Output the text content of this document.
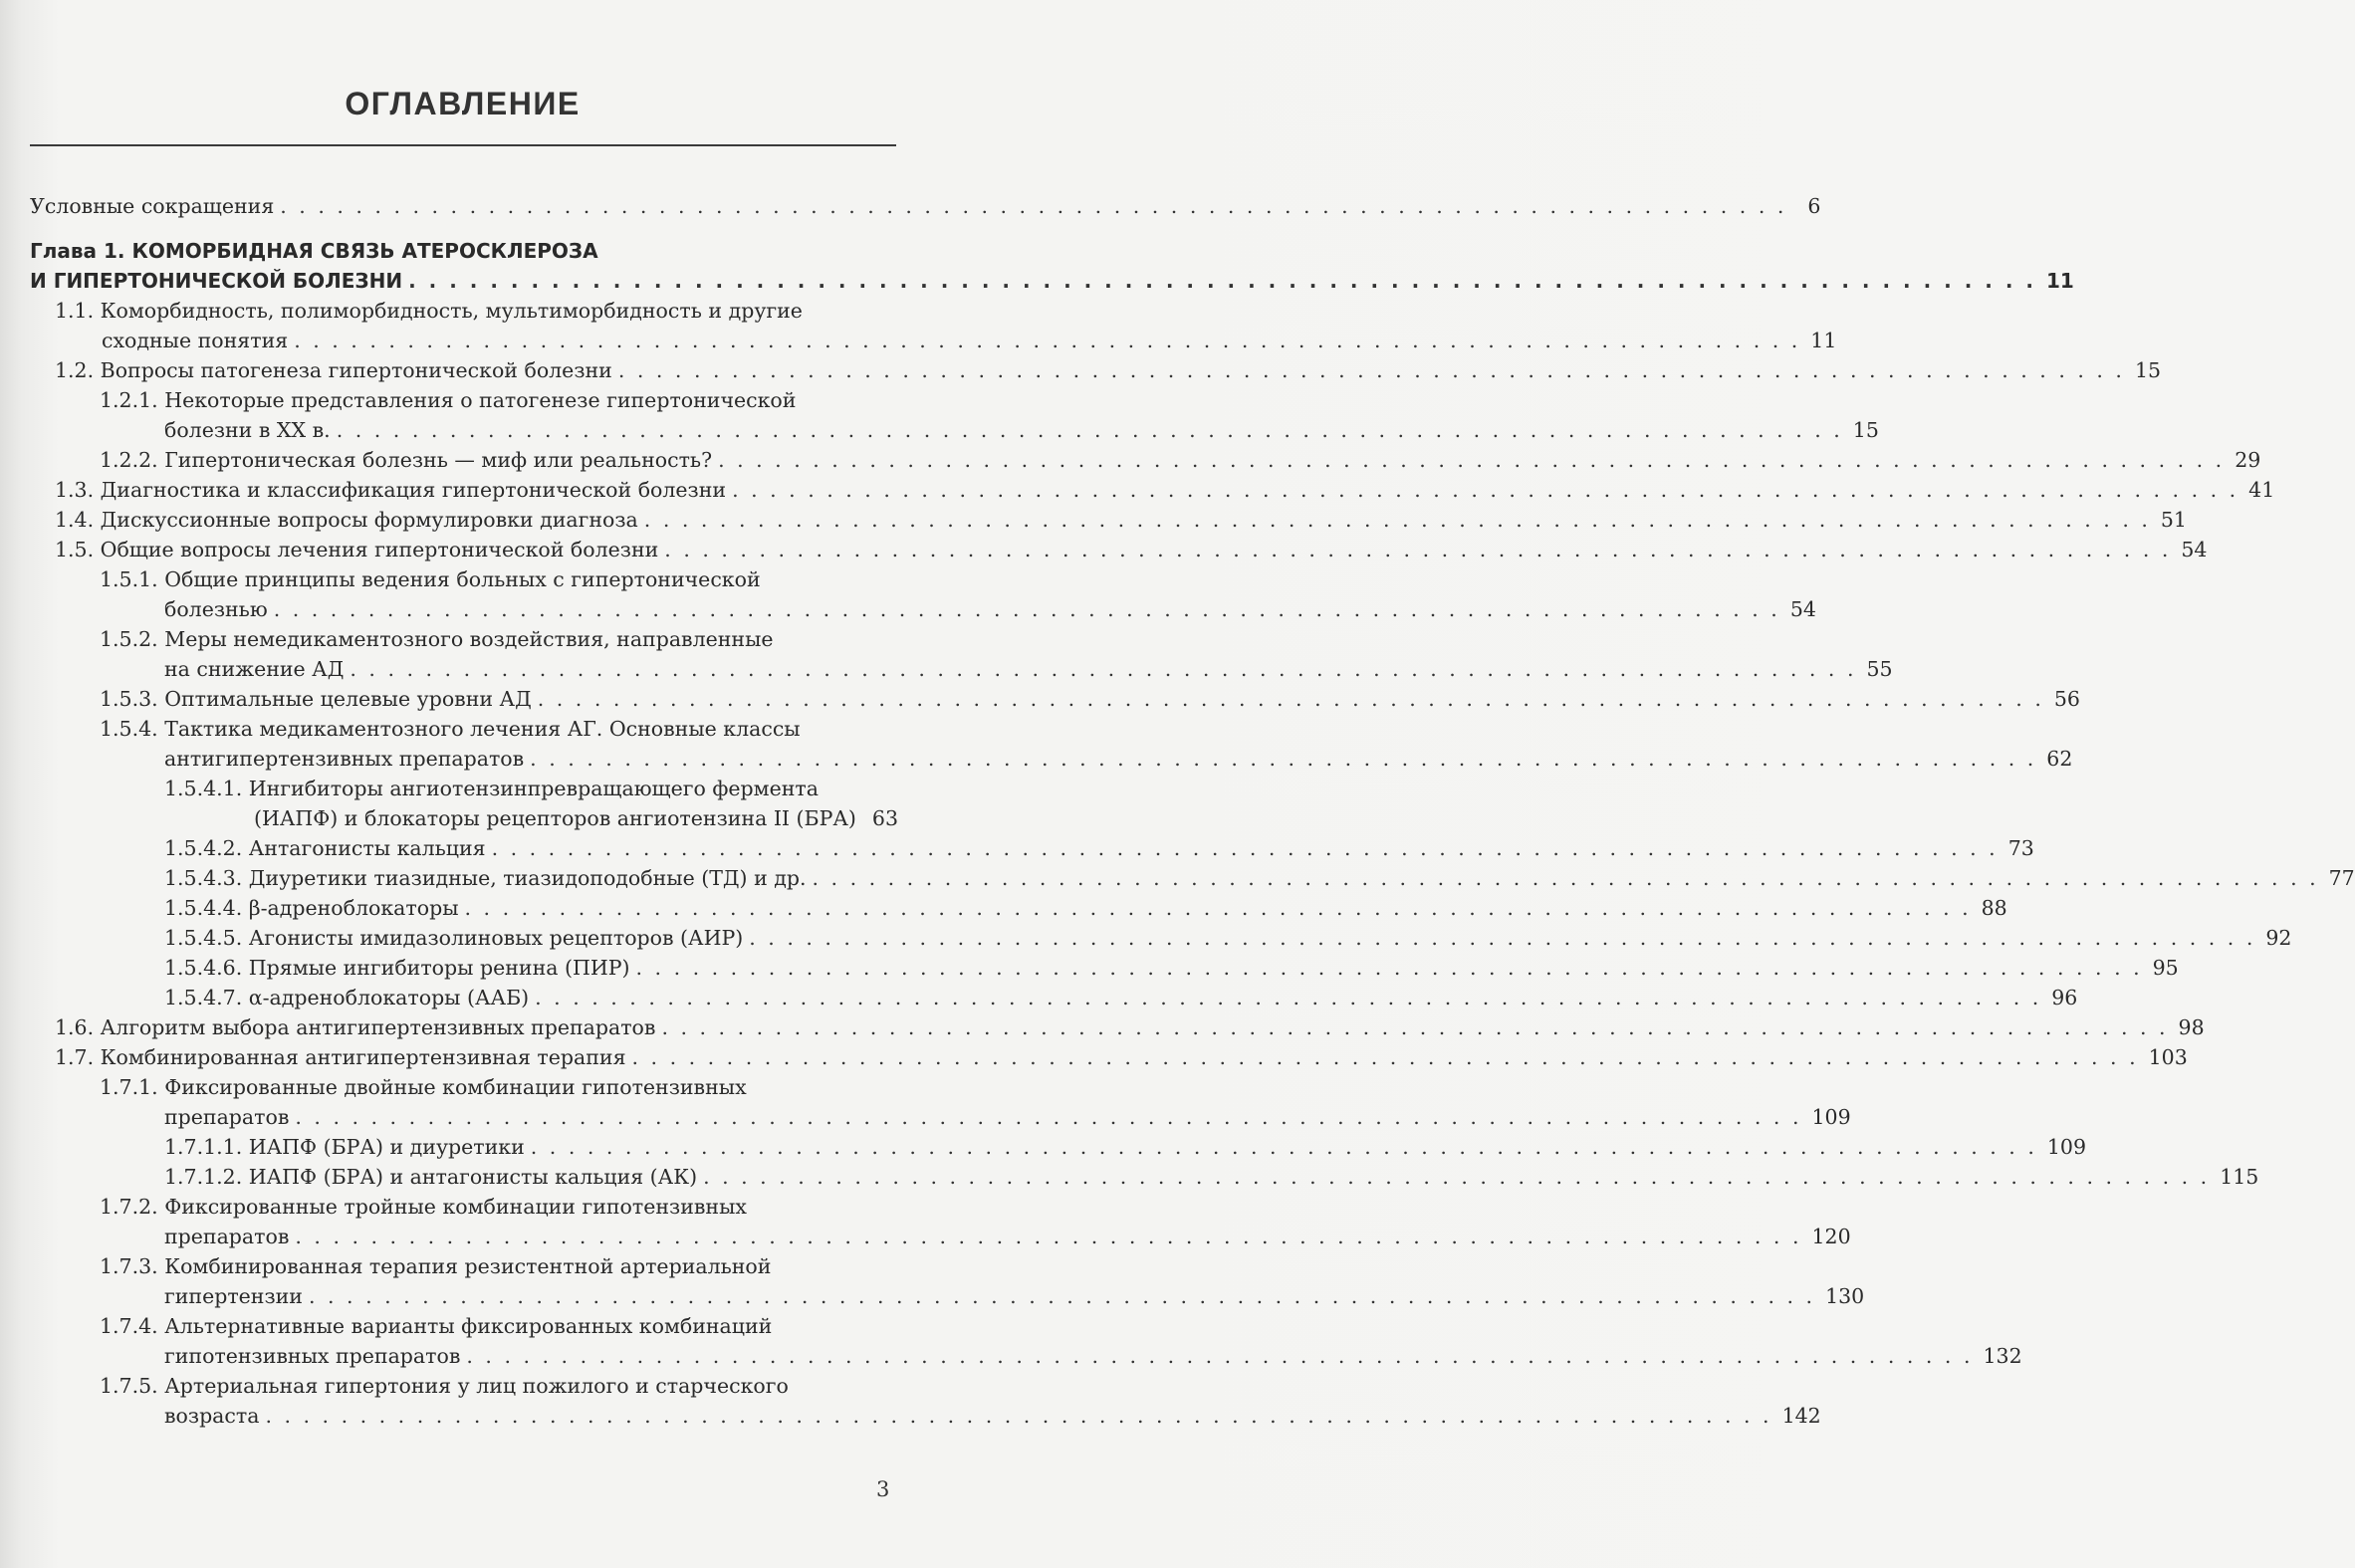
ОГЛАВЛЕНИЕ
Условные сокращения . . . . . . . . . . . . . . . . . . . . . . . . . . . . . . . . . . . . . . . . . . . . . . . . . . . . . . . . . . . . . . . . . . . . . . . . . . . . . . . .	6
Глава 1. КОМОРБИДНАЯ СВЯЗЬ АТЕРОСКЛЕРОЗА
И ГИПЕРТОНИЧЕСКОЙ БОЛЕЗНИ . . . . . . . . . . . . . . . . . . . . . . . . . . . . . . . . . . . . . . . . . . . . . . . . . . . . . . . . . . . . . . . . . . . . . . . . . . . . . . . . 11
1.1. Коморбидность, полиморбидность, мультиморбидность и другие
сходные понятия . . . . . . . . . . . . . . . . . . . . . . . . . . . . . . . . . . . . . . . . . . . . . . . . . . . . . . . . . . . . . . . . . . . . . . . . . . . . . . . . 11
1.2. Вопросы патогенеза гипертонической болезни . . . . . . . . . . . . . . . . . . . . . . . . . . . . . . . . . . . . . . . . . . . . . . . . . . . . . . . . . . . . . . . . . . . . . . . . . . . . . . . . 15
1.2.1. Некоторые представления о патогенезе гипертонической
болезни в XX в. . . . . . . . . . . . . . . . . . . . . . . . . . . . . . . . . . . . . . . . . . . . . . . . . . . . . . . . . . . . . . . . . . . . . . . . . . . . . . . . . 15
1.2.2. Гипертоническая болезнь — миф или реальность? . . . . . . . . . . . . . . . . . . . . . . . . . . . . . . . . . . . . . . . . . . . . . . . . . . . . . . . . . . . . . . . . . . . . . . . . . . . . . . . . 29
1.3. Диагностика и классификация гипертонической болезни . . . . . . . . . . . . . . . . . . . . . . . . . . . . . . . . . . . . . . . . . . . . . . . . . . . . . . . . . . . . . . . . . . . . . . . . . . . . . . . . 41
1.4. Дискуссионные вопросы формулировки диагноза . . . . . . . . . . . . . . . . . . . . . . . . . . . . . . . . . . . . . . . . . . . . . . . . . . . . . . . . . . . . . . . . . . . . . . . . . . . . . . . . 51
1.5. Общие вопросы лечения гипертонической болезни . . . . . . . . . . . . . . . . . . . . . . . . . . . . . . . . . . . . . . . . . . . . . . . . . . . . . . . . . . . . . . . . . . . . . . . . . . . . . . . . 54
1.5.1. Общие принципы ведения больных с гипертонической
болезнью . . . . . . . . . . . . . . . . . . . . . . . . . . . . . . . . . . . . . . . . . . . . . . . . . . . . . . . . . . . . . . . . . . . . . . . . . . . . . . . . 54
1.5.2. Меры немедикаментозного воздействия, направленные
на снижение АД . . . . . . . . . . . . . . . . . . . . . . . . . . . . . . . . . . . . . . . . . . . . . . . . . . . . . . . . . . . . . . . . . . . . . . . . . . . . . . . . 55
1.5.3. Оптимальные целевые уровни АД . . . . . . . . . . . . . . . . . . . . . . . . . . . . . . . . . . . . . . . . . . . . . . . . . . . . . . . . . . . . . . . . . . . . . . . . . . . . . . . . 56
1.5.4. Тактика медикаментозного лечения АГ. Основные классы
антигипертензивных препаратов . . . . . . . . . . . . . . . . . . . . . . . . . . . . . . . . . . . . . . . . . . . . . . . . . . . . . . . . . . . . . . . . . . . . . . . . . . . . . . . . 62
1.5.4.1. Ингибиторы ангиотензинпревращающего фермента
(ИАПФ) и блокаторы рецепторов ангиотензина II (БРА) 63
1.5.4.2. Антагонисты кальция . . . . . . . . . . . . . . . . . . . . . . . . . . . . . . . . . . . . . . . . . . . . . . . . . . . . . . . . . . . . . . . . . . . . . . . . . . . . . . . . 73
1.5.4.3. Диуретики тиазидные, тиазидоподобные (ТД) и др. . . . . . . . . . . . . . . . . . . . . . . . . . . . . . . . . . . . . . . . . . . . . . . . . . . . . . . . . . . . . . . . . . . . . . . . . . . . . . . . . 77
1.5.4.4. β-адреноблокаторы . . . . . . . . . . . . . . . . . . . . . . . . . . . . . . . . . . . . . . . . . . . . . . . . . . . . . . . . . . . . . . . . . . . . . . . . . . . . . . . . 88
1.5.4.5. Агонисты имидазолиновых рецепторов (АИР) . . . . . . . . . . . . . . . . . . . . . . . . . . . . . . . . . . . . . . . . . . . . . . . . . . . . . . . . . . . . . . . . . . . . . . . . . . . . . . . . 92
1.5.4.6. Прямые ингибиторы ренина (ПИР) . . . . . . . . . . . . . . . . . . . . . . . . . . . . . . . . . . . . . . . . . . . . . . . . . . . . . . . . . . . . . . . . . . . . . . . . . . . . . . . . 95
1.5.4.7. α-адреноблокаторы (ААБ) . . . . . . . . . . . . . . . . . . . . . . . . . . . . . . . . . . . . . . . . . . . . . . . . . . . . . . . . . . . . . . . . . . . . . . . . . . . . . . . . 96
1.6. Алгоритм выбора антигипертензивных препаратов . . . . . . . . . . . . . . . . . . . . . . . . . . . . . . . . . . . . . . . . . . . . . . . . . . . . . . . . . . . . . . . . . . . . . . . . . . . . . . . . 98
1.7. Комбинированная антигипертензивная терапия . . . . . . . . . . . . . . . . . . . . . . . . . . . . . . . . . . . . . . . . . . . . . . . . . . . . . . . . . . . . . . . . . . . . . . . . . . . . . . . . 103
1.7.1. Фиксированные двойные комбинации гипотензивных
препаратов . . . . . . . . . . . . . . . . . . . . . . . . . . . . . . . . . . . . . . . . . . . . . . . . . . . . . . . . . . . . . . . . . . . . . . . . . . . . . . . . 109
1.7.1.1. ИАПФ (БРА) и диуретики . . . . . . . . . . . . . . . . . . . . . . . . . . . . . . . . . . . . . . . . . . . . . . . . . . . . . . . . . . . . . . . . . . . . . . . . . . . . . . . . 109
1.7.1.2. ИАПФ (БРА) и антагонисты кальция (АК) . . . . . . . . . . . . . . . . . . . . . . . . . . . . . . . . . . . . . . . . . . . . . . . . . . . . . . . . . . . . . . . . . . . . . . . . . . . . . . . . 115
1.7.2. Фиксированные тройные комбинации гипотензивных
препаратов . . . . . . . . . . . . . . . . . . . . . . . . . . . . . . . . . . . . . . . . . . . . . . . . . . . . . . . . . . . . . . . . . . . . . . . . . . . . . . . . 120
1.7.3. Комбинированная терапия резистентной артериальной
гипертензии . . . . . . . . . . . . . . . . . . . . . . . . . . . . . . . . . . . . . . . . . . . . . . . . . . . . . . . . . . . . . . . . . . . . . . . . . . . . . . . . 130
1.7.4. Альтернативные варианты фиксированных комбинаций
гипотензивных препаратов . . . . . . . . . . . . . . . . . . . . . . . . . . . . . . . . . . . . . . . . . . . . . . . . . . . . . . . . . . . . . . . . . . . . . . . . . . . . . . . . 132
1.7.5. Артериальная гипертония у лиц пожилого и старческого
возраста . . . . . . . . . . . . . . . . . . . . . . . . . . . . . . . . . . . . . . . . . . . . . . . . . . . . . . . . . . . . . . . . . . . . . . . . . . . . . . . . 142
3
